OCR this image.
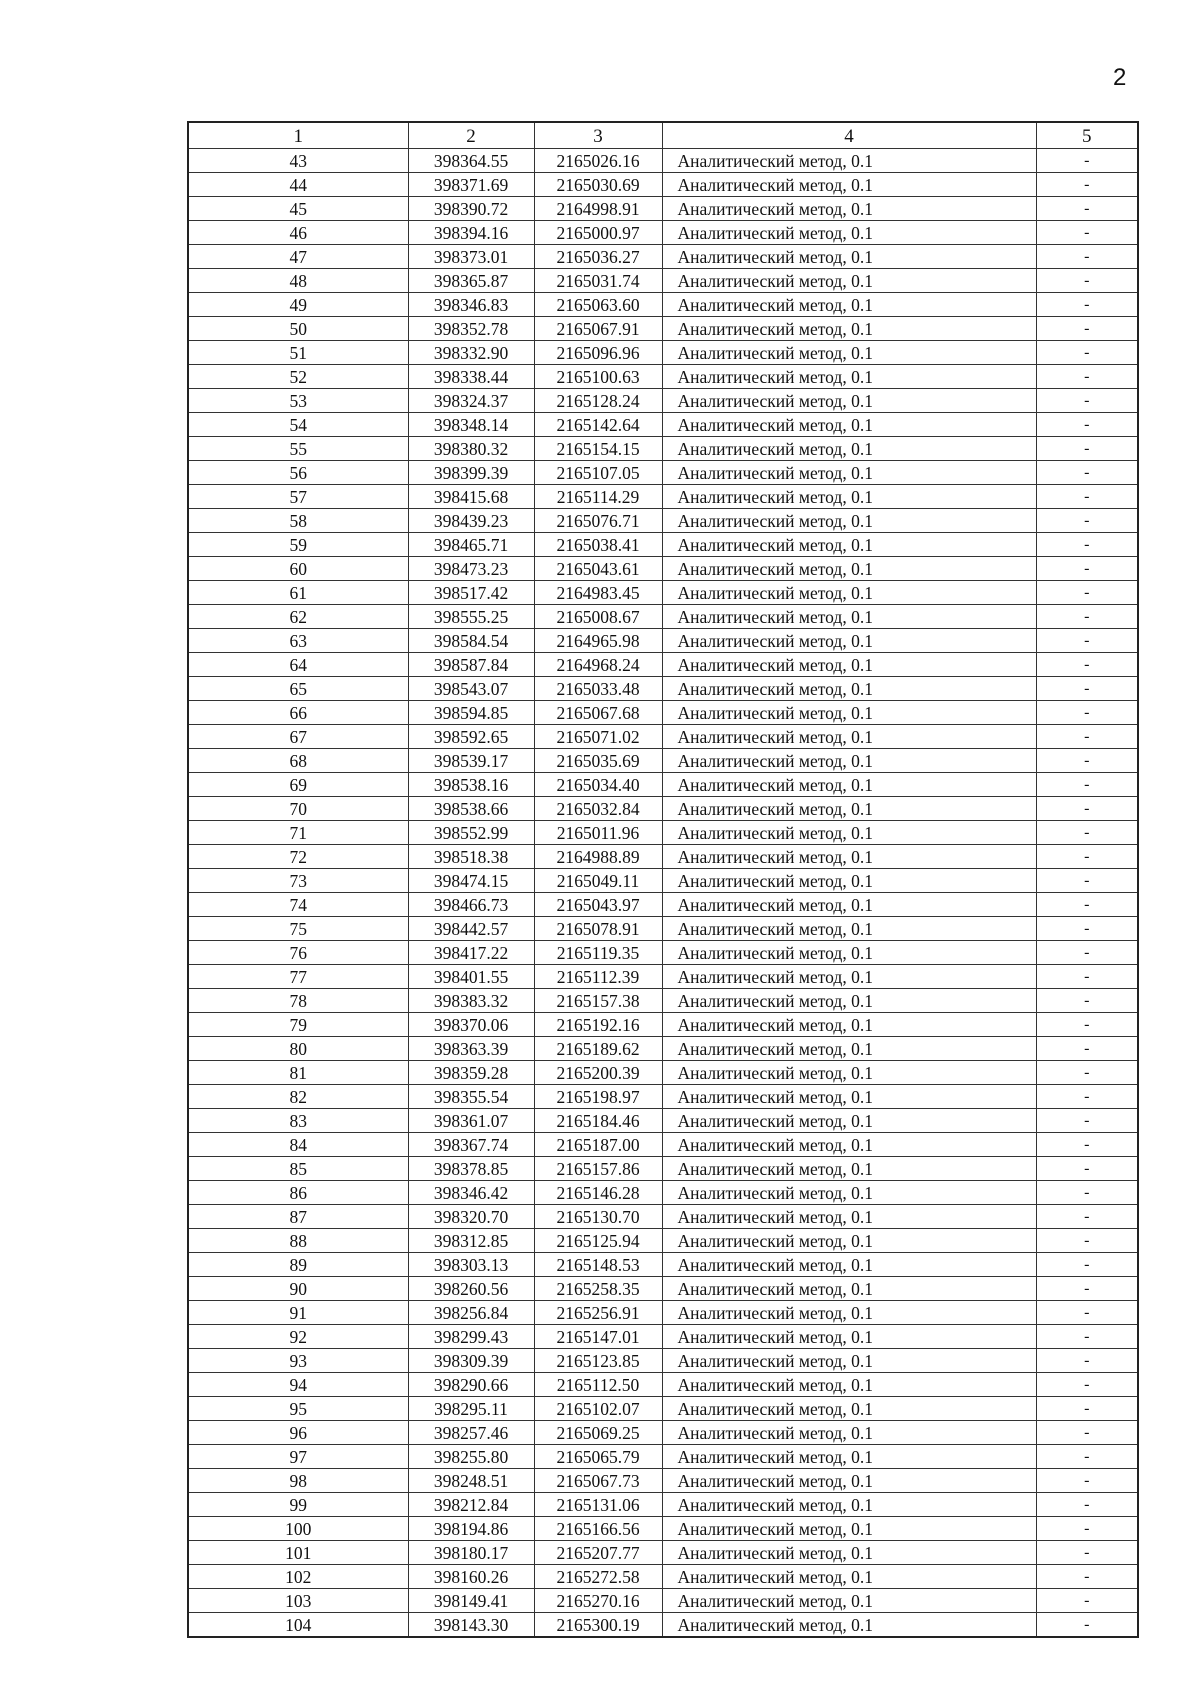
2
1	2	3	4	5
43	398364.55	2165026.16	Аналитический метод, 0.1	-
44	398371.69	2165030.69	Аналитический метод, 0.1	-
45	398390.72	2164998.91	Аналитический метод, 0.1	-
46	398394.16	2165000.97	Аналитический метод, 0.1	-
47	398373.01	2165036.27	Аналитический метод, 0.1	-
48	398365.87	2165031.74	Аналитический метод, 0.1	-
49	398346.83	2165063.60	Аналитический метод, 0.1	-
50	398352.78	2165067.91	Аналитический метод, 0.1	-
51	398332.90	2165096.96	Аналитический метод, 0.1	-
52	398338.44	2165100.63	Аналитический метод, 0.1	-
53	398324.37	2165128.24	Аналитический метод, 0.1	-
54	398348.14	2165142.64	Аналитический метод, 0.1	-
55	398380.32	2165154.15	Аналитический метод, 0.1	-
56	398399.39	2165107.05	Аналитический метод, 0.1	-
57	398415.68	2165114.29	Аналитический метод, 0.1	-
58	398439.23	2165076.71	Аналитический метод, 0.1	-
59	398465.71	2165038.41	Аналитический метод, 0.1	-
60	398473.23	2165043.61	Аналитический метод, 0.1	-
61	398517.42	2164983.45	Аналитический метод, 0.1	-
62	398555.25	2165008.67	Аналитический метод, 0.1	-
63	398584.54	2164965.98	Аналитический метод, 0.1	-
64	398587.84	2164968.24	Аналитический метод, 0.1	-
65	398543.07	2165033.48	Аналитический метод, 0.1	-
66	398594.85	2165067.68	Аналитический метод, 0.1	-
67	398592.65	2165071.02	Аналитический метод, 0.1	-
68	398539.17	2165035.69	Аналитический метод, 0.1	-
69	398538.16	2165034.40	Аналитический метод, 0.1	-
70	398538.66	2165032.84	Аналитический метод, 0.1	-
71	398552.99	2165011.96	Аналитический метод, 0.1	-
72	398518.38	2164988.89	Аналитический метод, 0.1	-
73	398474.15	2165049.11	Аналитический метод, 0.1	-
74	398466.73	2165043.97	Аналитический метод, 0.1	-
75	398442.57	2165078.91	Аналитический метод, 0.1	-
76	398417.22	2165119.35	Аналитический метод, 0.1	-
77	398401.55	2165112.39	Аналитический метод, 0.1	-
78	398383.32	2165157.38	Аналитический метод, 0.1	-
79	398370.06	2165192.16	Аналитический метод, 0.1	-
80	398363.39	2165189.62	Аналитический метод, 0.1	-
81	398359.28	2165200.39	Аналитический метод, 0.1	-
82	398355.54	2165198.97	Аналитический метод, 0.1	-
83	398361.07	2165184.46	Аналитический метод, 0.1	-
84	398367.74	2165187.00	Аналитический метод, 0.1	-
85	398378.85	2165157.86	Аналитический метод, 0.1	-
86	398346.42	2165146.28	Аналитический метод, 0.1	-
87	398320.70	2165130.70	Аналитический метод, 0.1	-
88	398312.85	2165125.94	Аналитический метод, 0.1	-
89	398303.13	2165148.53	Аналитический метод, 0.1	-
90	398260.56	2165258.35	Аналитический метод, 0.1	-
91	398256.84	2165256.91	Аналитический метод, 0.1	-
92	398299.43	2165147.01	Аналитический метод, 0.1	-
93	398309.39	2165123.85	Аналитический метод, 0.1	-
94	398290.66	2165112.50	Аналитический метод, 0.1	-
95	398295.11	2165102.07	Аналитический метод, 0.1	-
96	398257.46	2165069.25	Аналитический метод, 0.1	-
97	398255.80	2165065.79	Аналитический метод, 0.1	-
98	398248.51	2165067.73	Аналитический метод, 0.1	-
99	398212.84	2165131.06	Аналитический метод, 0.1	-
100	398194.86	2165166.56	Аналитический метод, 0.1	-
101	398180.17	2165207.77	Аналитический метод, 0.1	-
102	398160.26	2165272.58	Аналитический метод, 0.1	-
103	398149.41	2165270.16	Аналитический метод, 0.1	-
104	398143.30	2165300.19	Аналитический метод, 0.1	-
